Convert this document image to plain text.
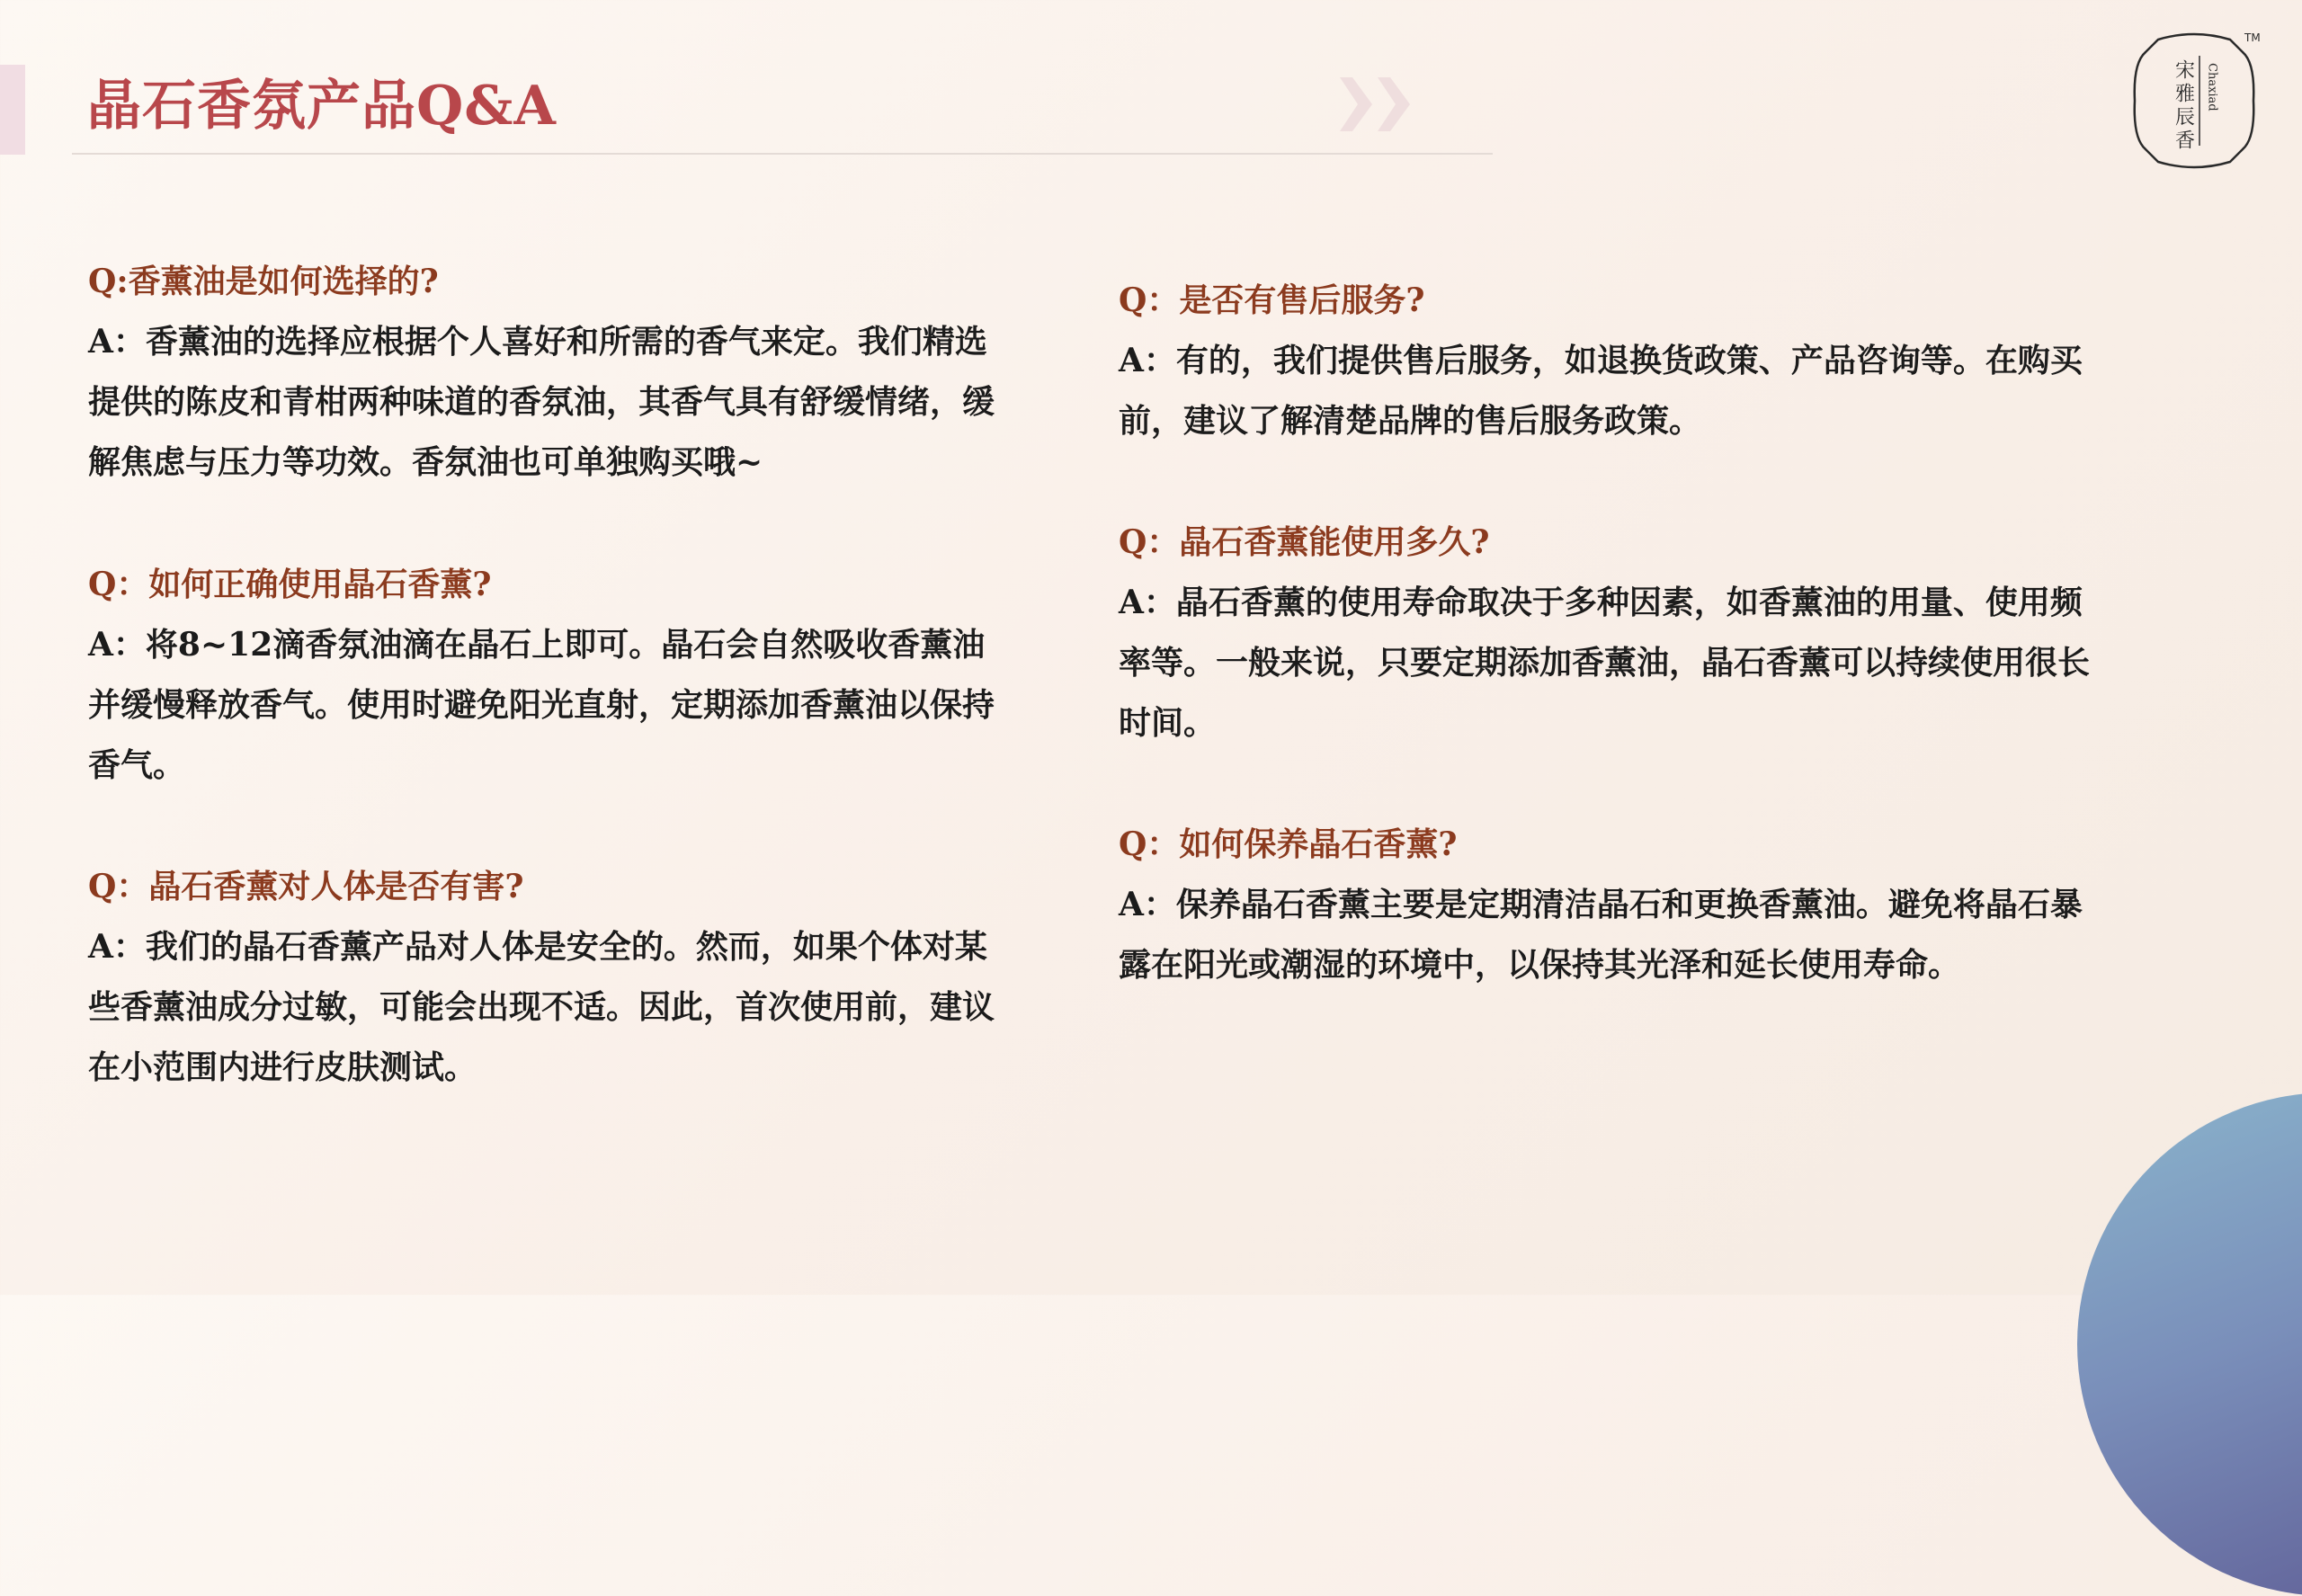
晶石香氛产品Q&A	宋雅辰香 Chaxiad
TM
Q:香薰油是如何选择的?
A：香薰油的选择应根据个人喜好和所需的香气来定。我们精选提供的陈皮和青柑两种味道的香氛油，其香气具有舒缓情绪，缓解焦虑与压力等功效。香氛油也可单独购买哦~
Q：如何正确使用晶石香薰?
A：将8~12滴香氛油滴在晶石上即可。晶石会自然吸收香薰油并缓慢释放香气。使用时避免阳光直射，定期添加香薰油以保持香气。
Q：晶石香薰对人体是否有害?
A：我们的晶石香薰产品对人体是安全的。然而，如果个体对某些香薰油成分过敏，可能会出现不适。因此，首次使用前，建议在小范围内进行皮肤测试。
Q：是否有售后服务?
A：有的，我们提供售后服务，如退换货政策、产品咨询等。在购买前，建议了解清楚品牌的售后服务政策。
Q：晶石香薰能使用多久?
A：晶石香薰的使用寿命取决于多种因素，如香薰油的用量、使用频率等。一般来说，只要定期添加香薰油，晶石香薰可以持续使用很长时间。
Q：如何保养晶石香薰?
A：保养晶石香薰主要是定期清洁晶石和更换香薰油。避免将晶石暴露在阳光或潮湿的环境中，以保持其光泽和延长使用寿命。
